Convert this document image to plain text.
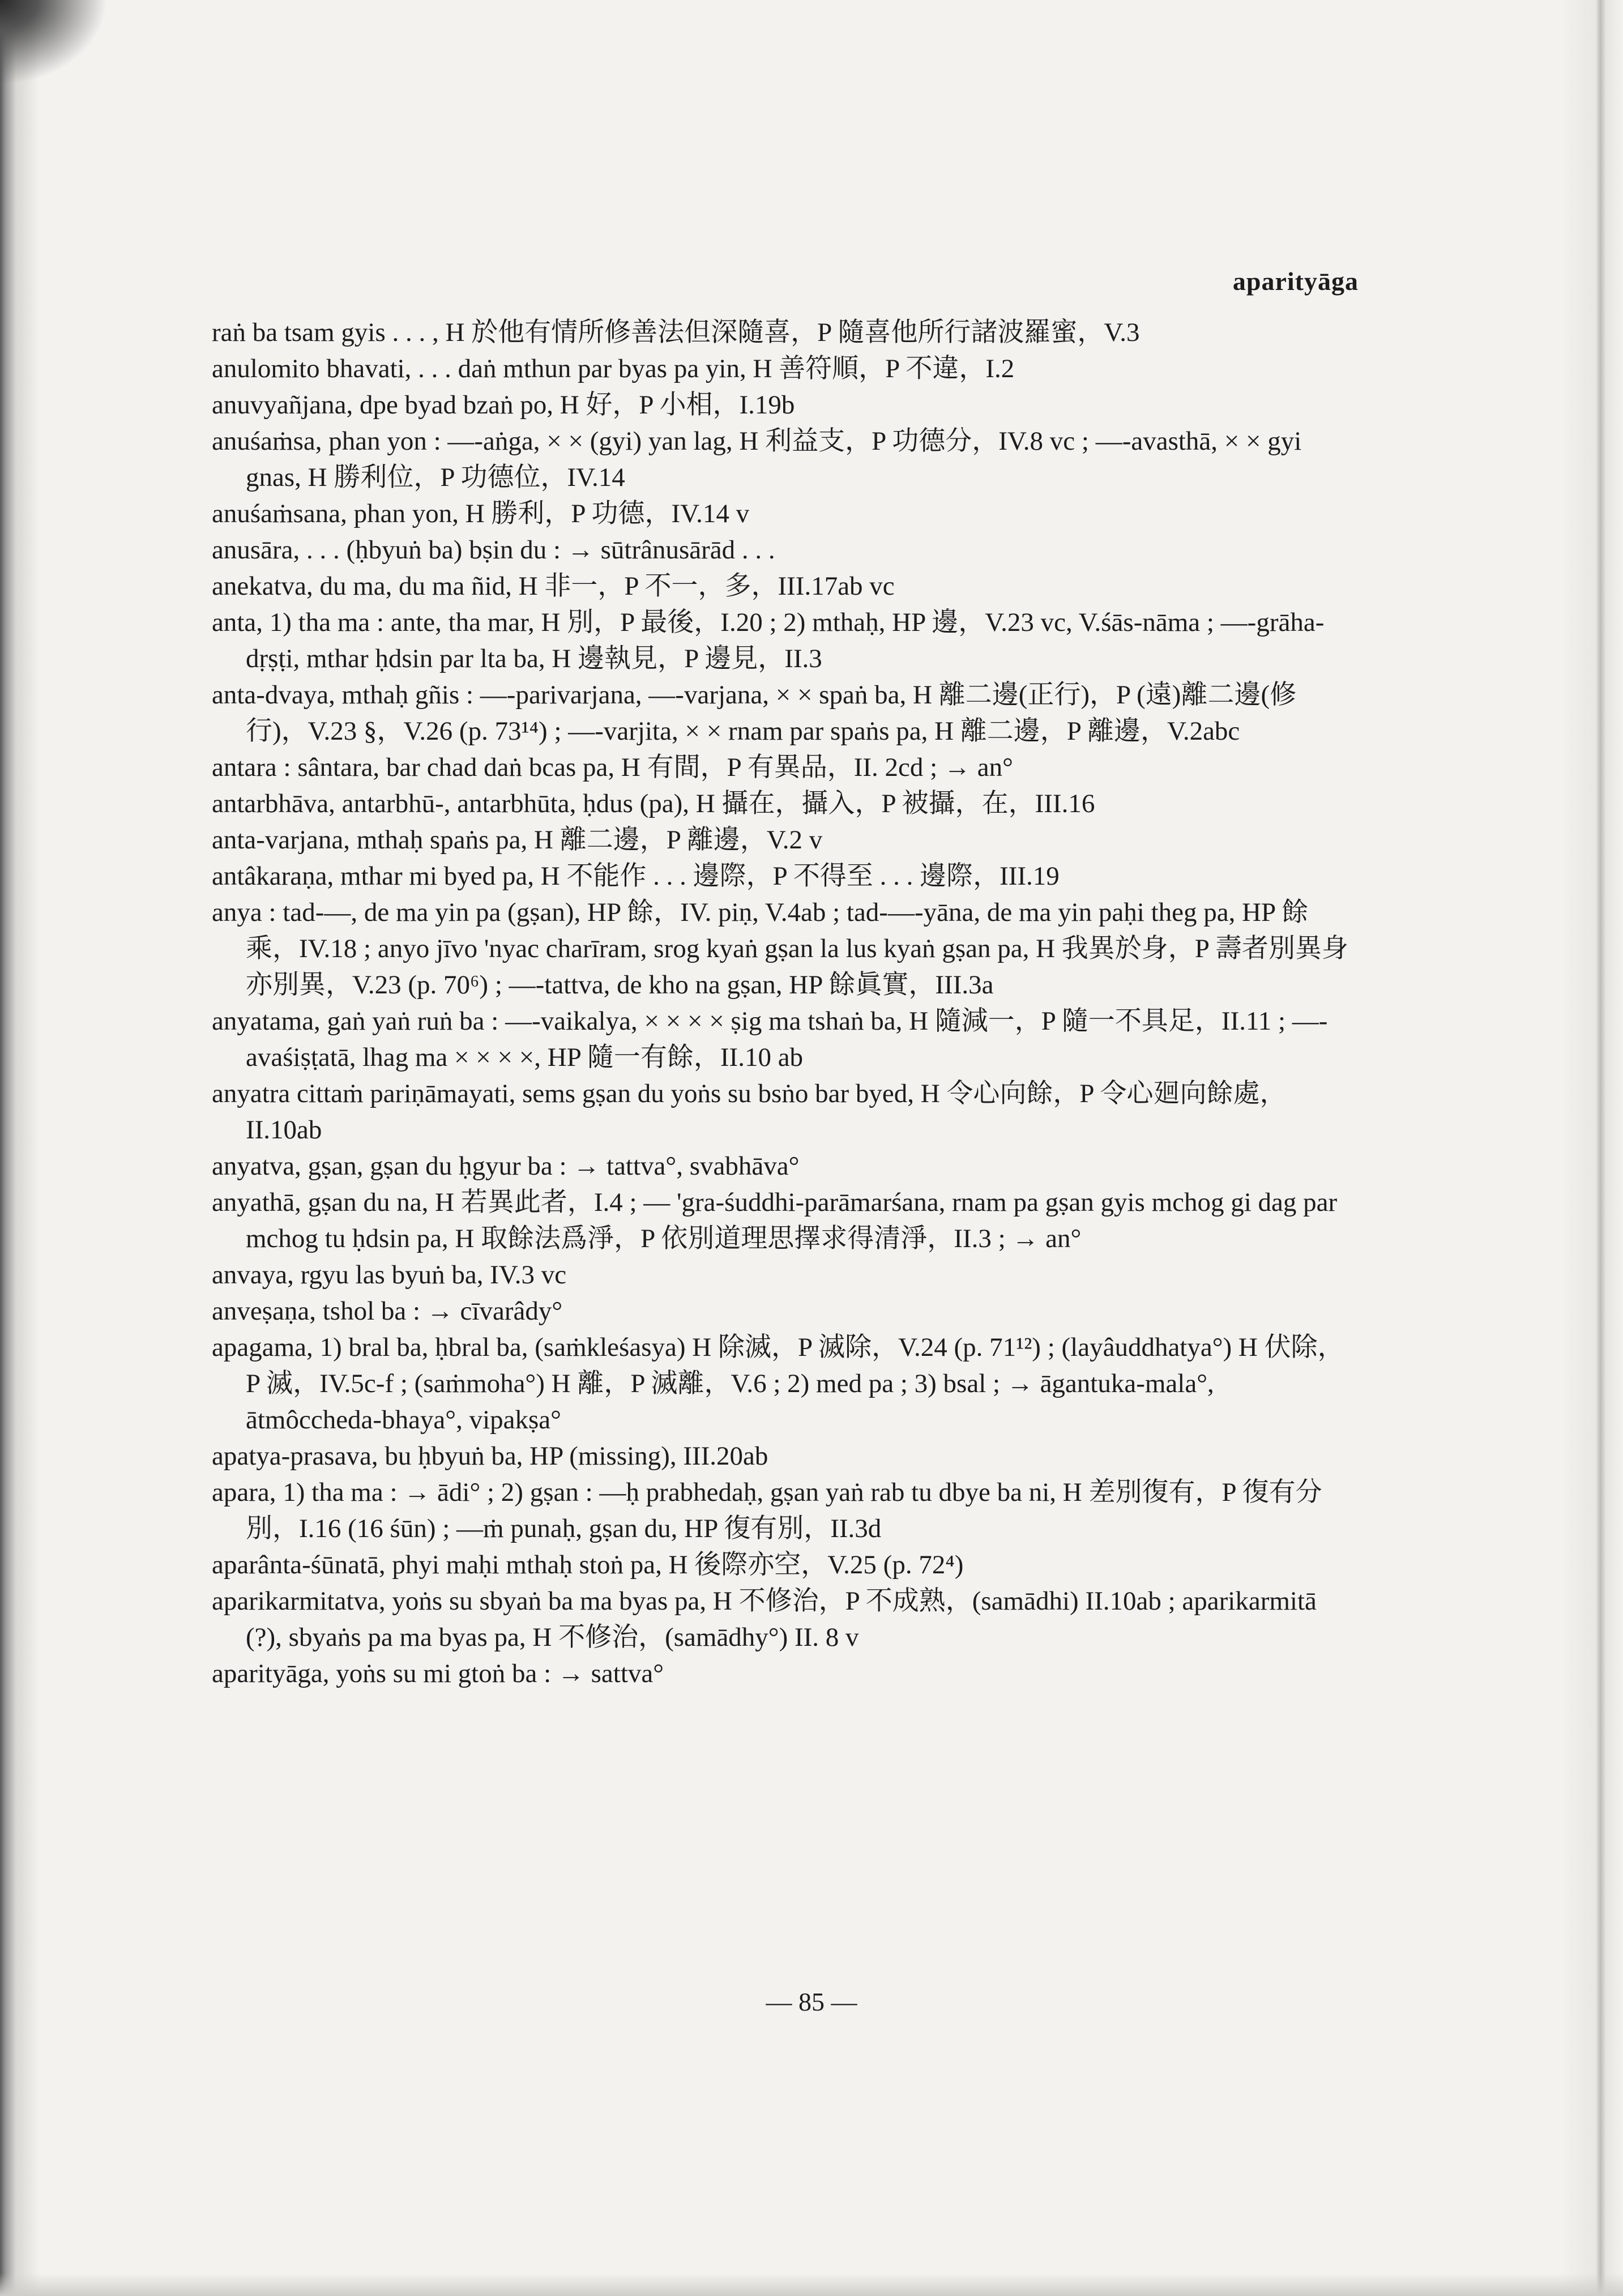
aparityāga

raṅ ba tsam gyis . . . , H 於他有情所修善法但深隨喜，P 隨喜他所行諸波羅蜜，V.3

anulomito bhavati, . . . daṅ mthun par byas pa yin, H 善符順，P 不違，I.2

anuvyañjana, dpe byad bzaṅ po, H 好，P 小相，I.19b

anuśaṁsa, phan yon : —-aṅga, × × (gyi) yan lag, H 利益支，P 功德分，IV.8 vc ; —-avasthā, × × gyi gnas, H 勝利位，P 功德位，IV.14

anuśaṁsana, phan yon, H 勝利，P 功德，IV.14 v

anusāra, . . . (ḥbyuṅ ba) bṣin du : → sūtrânusārād . . .

anekatva, du ma, du ma ñid, H 非一，P 不一，多，III.17ab vc

anta, 1) tha ma : ante, tha mar, H 別，P 最後，I.20 ; 2) mthaḥ, HP 邊，V.23 vc, V.śās-nāma ; —-grāha-dṛṣṭi, mthar ḥdsin par lta ba, H 邊執見，P 邊見，II.3

anta-dvaya, mthaḥ gñis : —-parivarjana, —-varjana, × × spaṅ ba, H 離二邊(正行)，P (遠)離二邊(修行)，V.23 §，V.26 (p. 73¹⁴) ; —-varjita, × × rnam par spaṅs pa, H 離二邊，P 離邊，V.2abc

antara : sântara, bar chad daṅ bcas pa, H 有間，P 有異品，II. 2cd ; → an°

antarbhāva, antarbhū-, antarbhūta, ḥdus (pa), H 攝在，攝入，P 被攝，在，III.16

anta-varjana, mthaḥ spaṅs pa, H 離二邊，P 離邊，V.2 v

antâkaraṇa, mthar mi byed pa, H 不能作 . . . 邊際，P 不得至 . . . 邊際，III.19

anya : tad-—, de ma yin pa (gṣan), HP 餘，IV. piṇ, V.4ab ; tad-—-yāna, de ma yin paḥi theg pa, HP 餘乘，IV.18 ; anyo jīvo 'nyac charīram, srog kyaṅ gṣan la lus kyaṅ gṣan pa, H 我異於身，P 壽者別異身亦別異，V.23 (p. 70⁶) ; —-tattva, de kho na gṣan, HP 餘眞實，III.3a

anyatama, gaṅ yaṅ ruṅ ba : —-vaikalya, × × × × ṣig ma tshaṅ ba, H 隨減一，P 隨一不具足，II.11 ; —-avaśiṣṭatā, lhag ma × × × ×, HP 隨一有餘，II.10 ab

anyatra cittaṁ pariṇāmayati, sems gṣan du yoṅs su bsṅo bar byed, H 令心向餘，P 令心廻向餘處，II.10ab

anyatva, gṣan, gṣan du ḥgyur ba : → tattva°, svabhāva°

anyathā, gṣan du na, H 若異此者，I.4 ; — 'gra-śuddhi-parāmarśana, rnam pa gṣan gyis mchog gi dag par mchog tu ḥdsin pa, H 取餘法爲淨，P 依別道理思擇求得清淨，II.3 ; → an°

anvaya, rgyu las byuṅ ba, IV.3 vc

anveṣaṇa, tshol ba : → cīvarâdy°

apagama, 1) bral ba, ḥbral ba, (saṁkleśasya) H 除滅，P 滅除，V.24 (p. 71¹²) ; (layâuddhatya°) H 伏除，P 滅，IV.5c-f ; (saṁmoha°) H 離，P 滅離，V.6 ; 2) med pa ; 3) bsal ; → āgantuka-mala°, ātmôccheda-bhaya°, vipakṣa°

apatya-prasava, bu ḥbyuṅ ba, HP (missing), III.20ab

apara, 1) tha ma : → ādi° ; 2) gṣan : —ḥ prabhedaḥ, gṣan yaṅ rab tu dbye ba ni, H 差別復有，P 復有分別，I.16 (16 śūn) ; —ṁ punaḥ, gṣan du, HP 復有別，II.3d

aparânta-śūnatā, phyi maḥi mthaḥ stoṅ pa, H 後際亦空，V.25 (p. 72⁴)

aparikarmitatva, yoṅs su sbyaṅ ba ma byas pa, H 不修治，P 不成熟，(samādhi) II.10ab ; aparikarmitā (?), sbyaṅs pa ma byas pa, H 不修治，(samādhy°) II. 8 v

aparityāga, yoṅs su mi gtoṅ ba : → sattva°

— 85 —
